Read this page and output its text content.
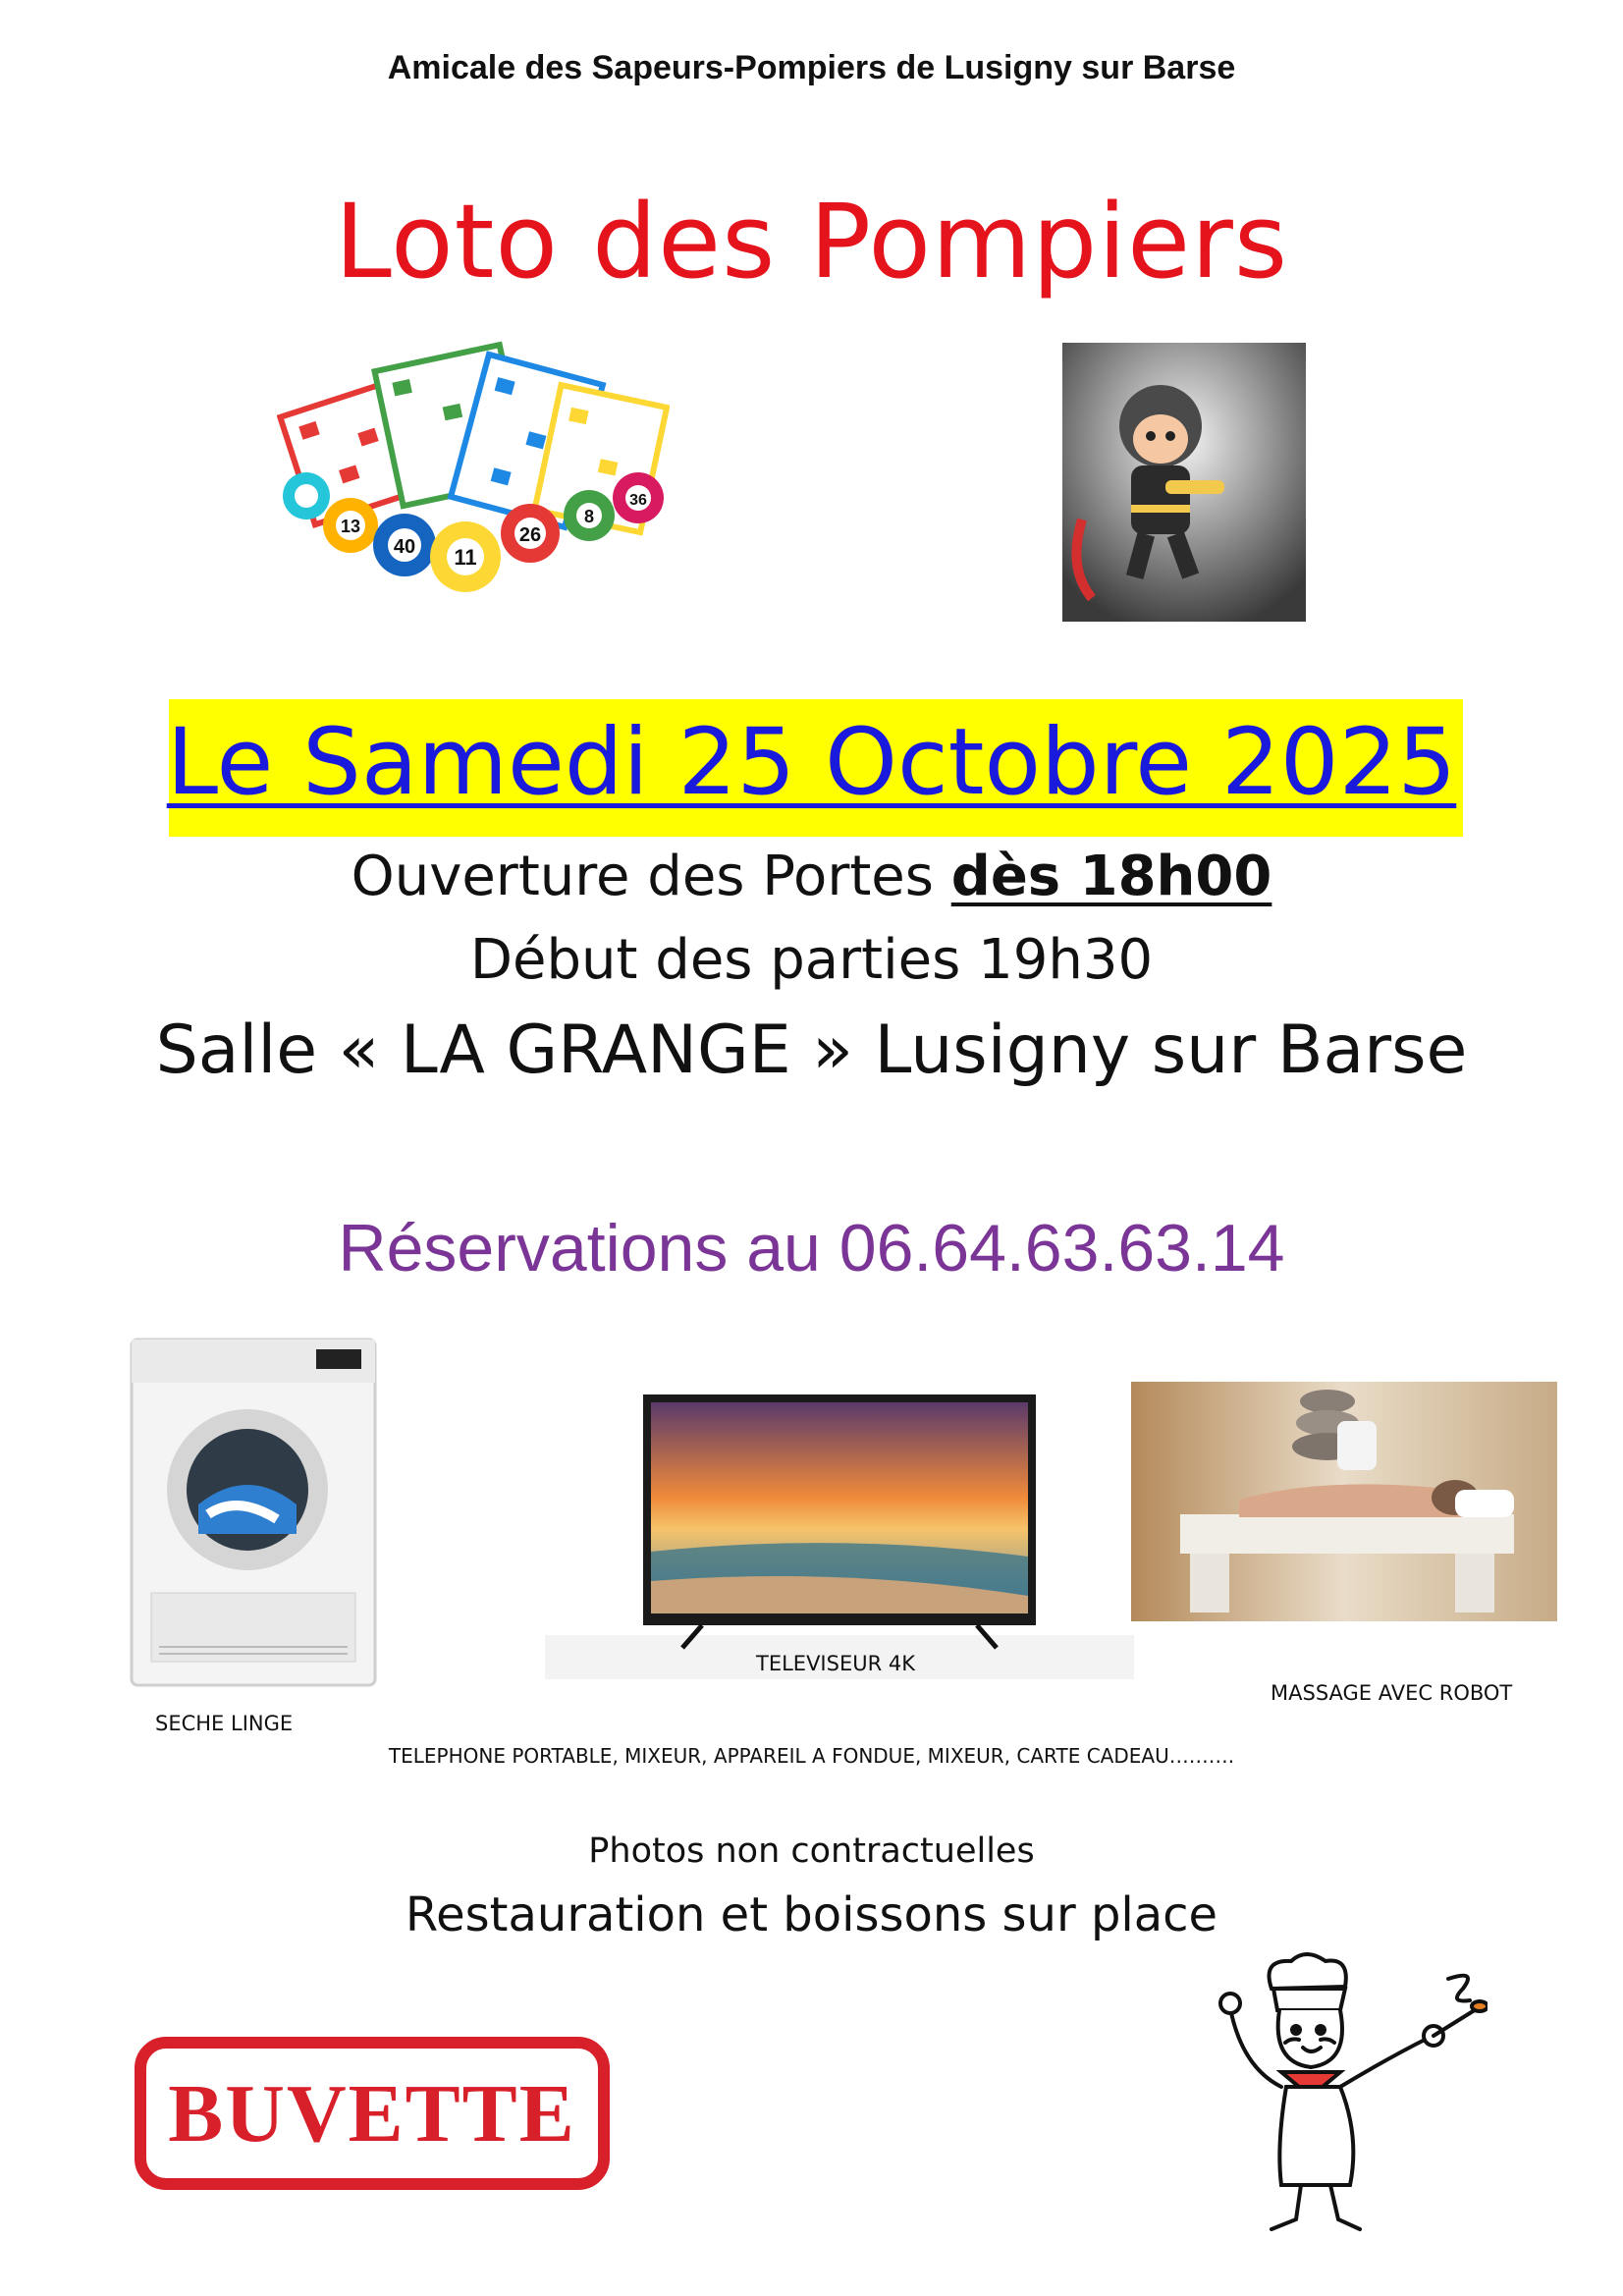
Amicale des Sapeurs-Pompiers de Lusigny sur Barse
Loto des Pompiers
13
40 11
26
8
36
Le Samedi 25 Octobre 2025
Ouverture des Portes dès 18h00
Début des parties 19h30
Salle « LA GRANGE » Lusigny sur Barse
Réservations au 06.64.63.63.14
SECHE LINGE
TELEVISEUR 4K
MASSAGE AVEC ROBOT
TELEPHONE PORTABLE, MIXEUR, APPAREIL A FONDUE, MIXEUR, CARTE CADEAU……….
Photos non contractuelles
Restauration et boissons sur place
BUVETTE
